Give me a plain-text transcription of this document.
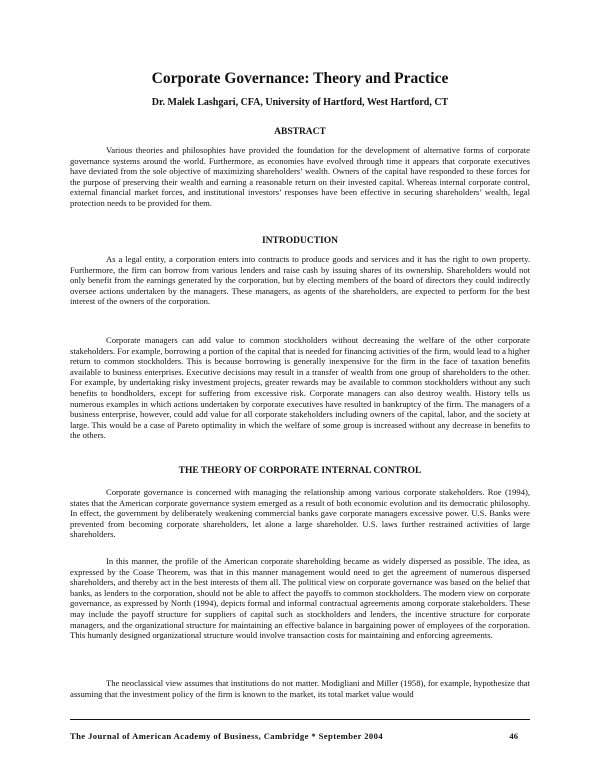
Corporate Governance: Theory and Practice

Dr. Malek Lashgari, CFA, University of Hartford, West Hartford, CT

ABSTRACT

Various theories and philosophies have provided the foundation for the development of alternative forms of corporate governance systems around the world. Furthermore, as economies have evolved through time it appears that corporate executives have deviated from the sole objective of maximizing shareholders’ wealth. Owners of the capital have responded to these forces for the purpose of preserving their wealth and earning a reasonable return on their invested capital. Whereas internal corporate control, external financial market forces, and institutional investors’ responses have been effective in securing shareholders’ wealth, legal protection needs to be provided for them.

INTRODUCTION

As a legal entity, a corporation enters into contracts to produce goods and services and it has the right to own property. Furthermore, the firm can borrow from various lenders and raise cash by issuing shares of its ownership. Shareholders would not only benefit from the earnings generated by the corporation, but by electing members of the board of directors they could indirectly oversee actions undertaken by the managers. These managers, as agents of the shareholders, are expected to perform for the best interest of the owners of the corporation.

Corporate managers can add value to common stockholders without decreasing the welfare of the other corporate stakeholders. For example, borrowing a portion of the capital that is needed for financing activities of the firm, would lead to a higher return to common stockholders. This is because borrowing is generally inexpensive for the firm in the face of taxation benefits available to business enterprises. Executive decisions may result in a transfer of wealth from one group of shareholders to the other. For example, by undertaking risky investment projects, greater rewards may be available to common stockholders without any such benefits to bondholders, except for suffering from excessive risk. Corporate managers can also destroy wealth. History tells us numerous examples in which actions undertaken by corporate executives have resulted in bankruptcy of the firm. The managers of a business enterprise, however, could add value for all corporate stakeholders including owners of the capital, labor, and the society at large. This would be a case of Pareto optimality in which the welfare of some group is increased without any decrease in benefits to the others.

THE THEORY OF CORPORATE INTERNAL CONTROL

Corporate governance is concerned with managing the relationship among various corporate stakeholders. Roe (1994), states that the American corporate governance system emerged as a result of both economic evolution and its democratic philosophy. In effect, the government by deliberately weakening commercial banks gave corporate managers excessive power. U.S. Banks were prevented from becoming corporate shareholders, let alone a large shareholder. U.S. laws further restrained activities of large shareholders.

In this manner, the profile of the American corporate shareholding became as widely dispersed as possible. The idea, as expressed by the Coase Theorem, was that in this manner management would need to get the agreement of numerous dispersed shareholders, and thereby act in the best interests of them all. The political view on corporate governance was based on the belief that banks, as lenders to the corporation, should not be able to affect the payoffs to common stockholders. The modern view on corporate governance, as expressed by North (1994), depicts formal and informal contractual agreements among corporate stakeholders. These may include the payoff structure for suppliers of capital such as stockholders and lenders, the incentive structure for corporate managers, and the organizational structure for maintaining an effective balance in bargaining power of employees of the corporation. This humanly designed organizational structure would involve transaction costs for maintaining and enforcing agreements.

The neoclassical view assumes that institutions do not matter. Modigliani and Miller (1958), for example, hypothesize that assuming that the investment policy of the firm is known to the market, its total market value would

The Journal of American Academy of Business, Cambridge * September 2004	46
